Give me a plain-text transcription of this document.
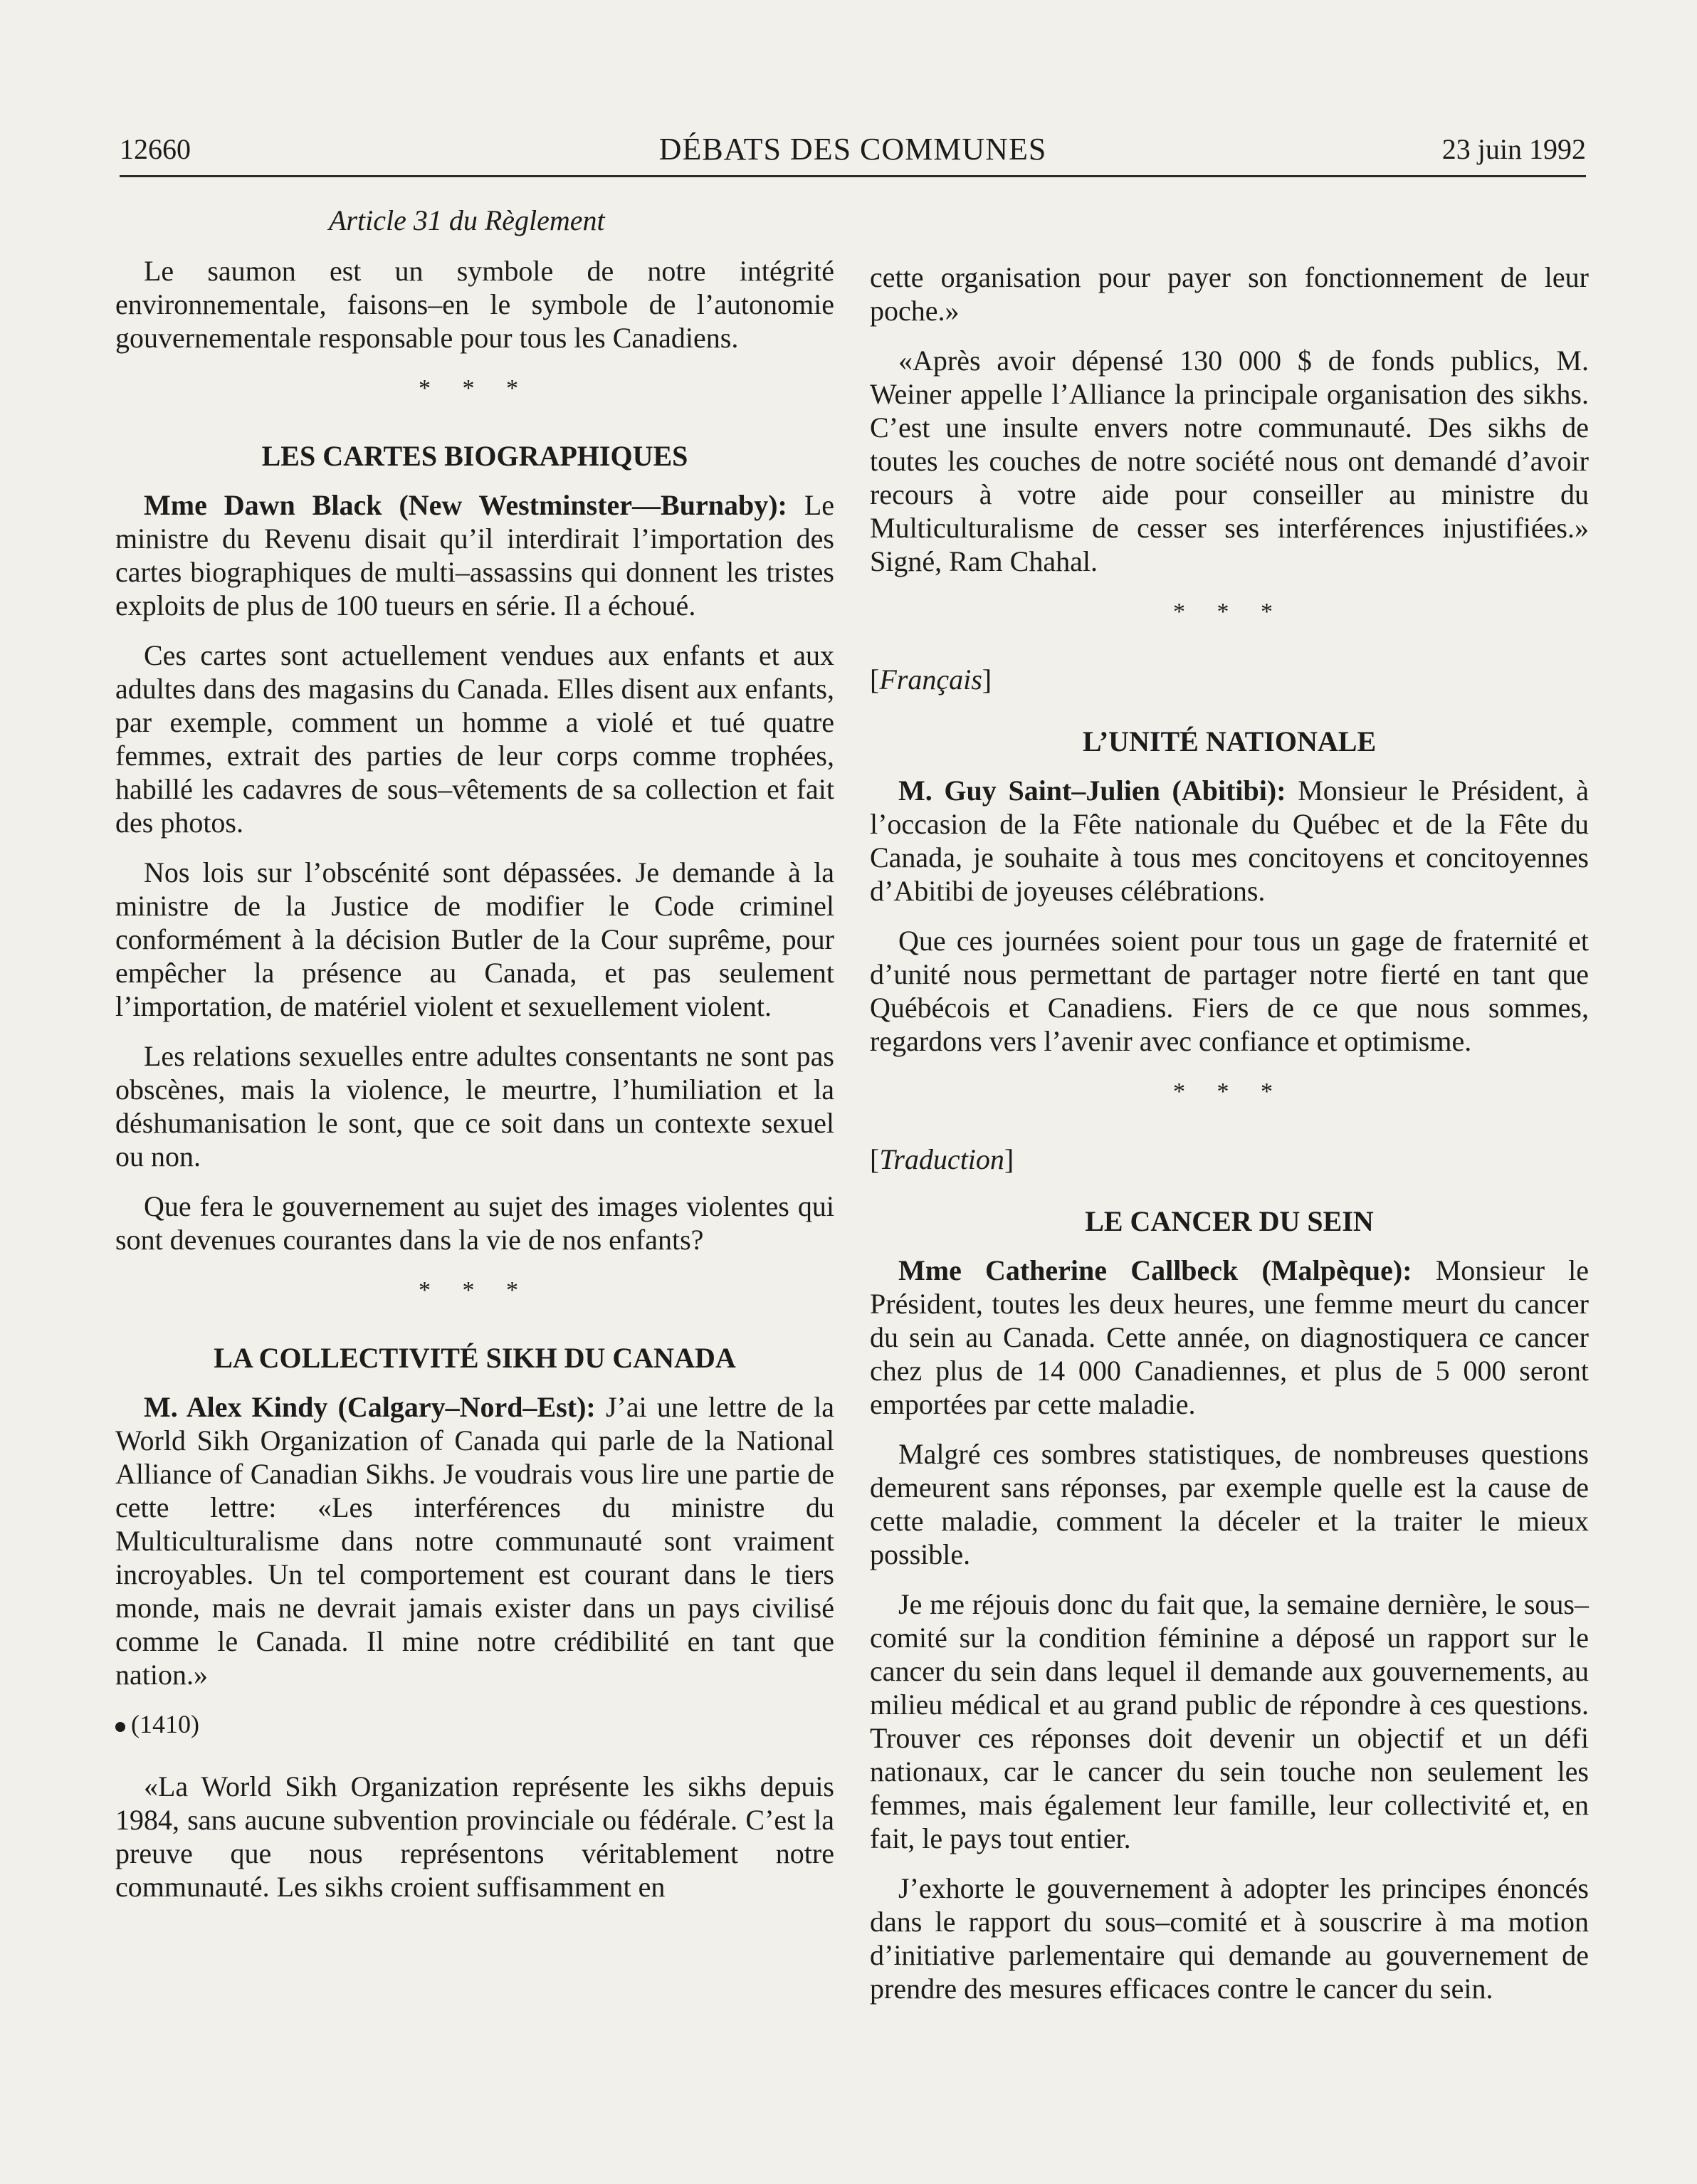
12660	DÉBATS DES COMMUNES	23 juin 1992
Article 31 du Règlement

Le saumon est un symbole de notre intégrité environnementale, faisons–en le symbole de l’autonomie gouvernementale responsable pour tous les Canadiens.

* * *
LES CARTES BIOGRAPHIQUES

Mme Dawn Black (New Westminster—Burnaby): Le ministre du Revenu disait qu’il interdirait l’importation des cartes biographiques de multi–assassins qui donnent les tristes exploits de plus de 100 tueurs en série. Il a échoué.

Ces cartes sont actuellement vendues aux enfants et aux adultes dans des magasins du Canada. Elles disent aux enfants, par exemple, comment un homme a violé et tué quatre femmes, extrait des parties de leur corps comme trophées, habillé les cadavres de sous–vêtements de sa collection et fait des photos.

Nos lois sur l’obscénité sont dépassées. Je demande à la ministre de la Justice de modifier le Code criminel conformément à la décision Butler de la Cour suprême, pour empêcher la présence au Canada, et pas seulement l’importation, de matériel violent et sexuellement violent.

Les relations sexuelles entre adultes consentants ne sont pas obscènes, mais la violence, le meurtre, l’humiliation et la déshumanisation le sont, que ce soit dans un contexte sexuel ou non.

Que fera le gouvernement au sujet des images violentes qui sont devenues courantes dans la vie de nos enfants?

* * *
LA COLLECTIVITÉ SIKH DU CANADA

M. Alex Kindy (Calgary–Nord–Est): J’ai une lettre de la World Sikh Organization of Canada qui parle de la National Alliance of Canadian Sikhs. Je voudrais vous lire une partie de cette lettre: «Les interférences du ministre du Multiculturalisme dans notre communauté sont vraiment incroyables. Un tel comportement est courant dans le tiers monde, mais ne devrait jamais exister dans un pays civilisé comme le Canada. Il mine notre crédibilité en tant que nation.»

(1410)

«La World Sikh Organization représente les sikhs depuis 1984, sans aucune subvention provinciale ou fédérale. C’est la preuve que nous représentons véritablement notre communauté. Les sikhs croient suffisamment en

cette organisation pour payer son fonctionnement de leur poche.»

«Après avoir dépensé 130 000 $ de fonds publics, M. Weiner appelle l’Alliance la principale organisation des sikhs. C’est une insulte envers notre communauté. Des sikhs de toutes les couches de notre société nous ont demandé d’avoir recours à votre aide pour conseiller au ministre du Multiculturalisme de cesser ses interférences injustifiées.» Signé, Ram Chahal.

* * *
[Français]
L’UNITÉ NATIONALE

M. Guy Saint–Julien (Abitibi): Monsieur le Président, à l’occasion de la Fête nationale du Québec et de la Fête du Canada, je souhaite à tous mes concitoyens et concitoyennes d’Abitibi de joyeuses célébrations.

Que ces journées soient pour tous un gage de fraternité et d’unité nous permettant de partager notre fierté en tant que Québécois et Canadiens. Fiers de ce que nous sommes, regardons vers l’avenir avec confiance et optimisme.

* * *
[Traduction]
LE CANCER DU SEIN

Mme Catherine Callbeck (Malpèque): Monsieur le Président, toutes les deux heures, une femme meurt du cancer du sein au Canada. Cette année, on diagnostiquera ce cancer chez plus de 14 000 Canadiennes, et plus de 5 000 seront emportées par cette maladie.

Malgré ces sombres statistiques, de nombreuses questions demeurent sans réponses, par exemple quelle est la cause de cette maladie, comment la déceler et la traiter le mieux possible.

Je me réjouis donc du fait que, la semaine dernière, le sous–comité sur la condition féminine a déposé un rapport sur le cancer du sein dans lequel il demande aux gouvernements, au milieu médical et au grand public de répondre à ces questions. Trouver ces réponses doit devenir un objectif et un défi nationaux, car le cancer du sein touche non seulement les femmes, mais également leur famille, leur collectivité et, en fait, le pays tout entier.

J’exhorte le gouvernement à adopter les principes énoncés dans le rapport du sous–comité et à souscrire à ma motion d’initiative parlementaire qui demande au gouvernement de prendre des mesures efficaces contre le cancer du sein.
